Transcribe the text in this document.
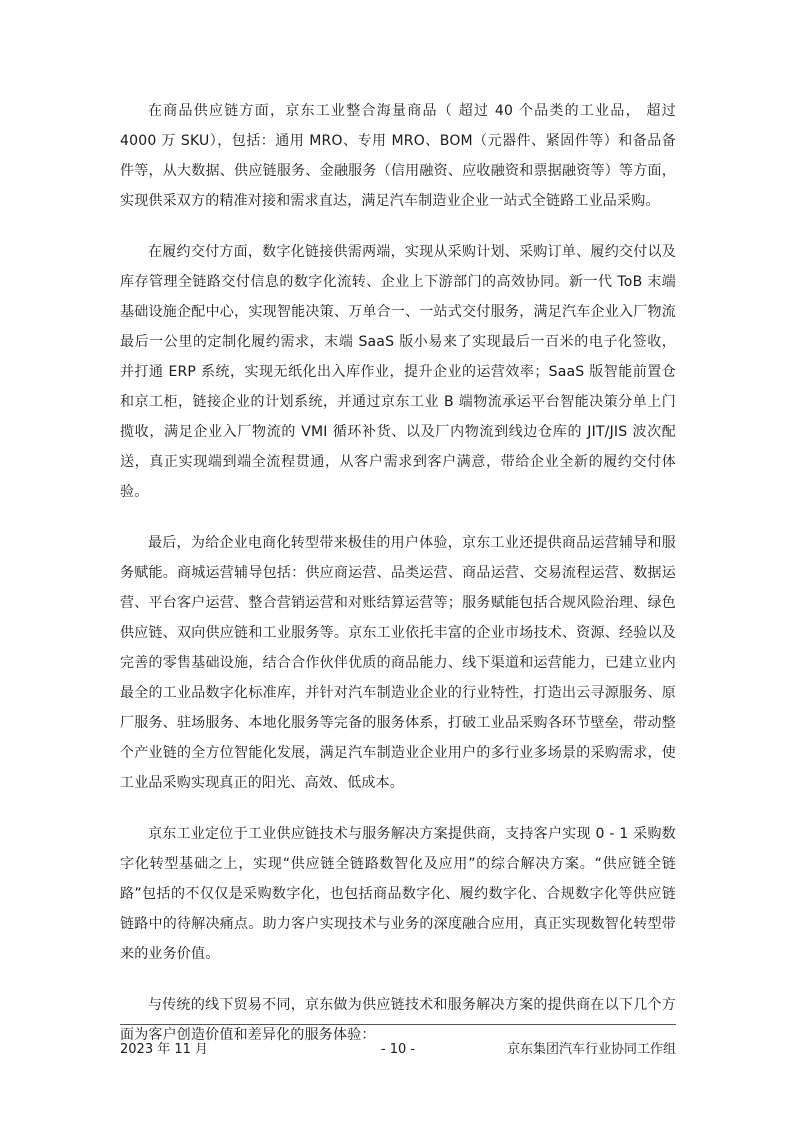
在商品供应链方面，京东工业整合海量商品（ 超过 40 个品类的工业品， 超过 4000 万 SKU），包括：通用 MRO、专用 MRO、BOM（元器件、紧固件等）和备品备件等，从大数据、供应链服务、金融服务（信用融资、应收融资和票据融资等）等方面，实现供采双方的精准对接和需求直达，满足汽车制造业企业一站式全链路工业品采购。

在履约交付方面，数字化链接供需两端，实现从采购计划、采购订单、履约交付以及库存管理全链路交付信息的数字化流转、企业上下游部门的高效协同。新一代 ToB 末端基础设施企配中心，实现智能决策、万单合一、一站式交付服务，满足汽车企业入厂物流最后一公里的定制化履约需求，末端 SaaS 版小易来了实现最后一百米的电子化签收，并打通 ERP 系统，实现无纸化出入库作业，提升企业的运营效率；SaaS 版智能前置仓和京工柜，链接企业的计划系统，并通过京东工业 B 端物流承运平台智能决策分单上门揽收，满足企业入厂物流的 VMI 循环补货、以及厂内物流到线边仓库的 JIT/JIS 波次配送，真正实现端到端全流程贯通，从客户需求到客户满意，带给企业全新的履约交付体验。

最后，为给企业电商化转型带来极佳的用户体验，京东工业还提供商品运营辅导和服务赋能。商城运营辅导包括：供应商运营、品类运营、商品运营、交易流程运营、数据运营、平台客户运营、整合营销运营和对账结算运营等；服务赋能包括合规风险治理、绿色供应链、双向供应链和工业服务等。京东工业依托丰富的企业市场技术、资源、经验以及完善的零售基础设施，结合合作伙伴优质的商品能力、线下渠道和运营能力，已建立业内最全的工业品数字化标准库，并针对汽车制造业企业的行业特性，打造出云寻源服务、原厂服务、驻场服务、本地化服务等完备的服务体系，打破工业品采购各环节壁垒，带动整个产业链的全方位智能化发展，满足汽车制造业企业用户的多行业多场景的采购需求，使工业品采购实现真正的阳光、高效、低成本。

京东工业定位于工业供应链技术与服务解决方案提供商，支持客户实现 0 - 1 采购数字化转型基础之上，实现“供应链全链路数智化及应用”的综合解决方案。“供应链全链路”包括的不仅仅是采购数字化，也包括商品数字化、履约数字化、合规数字化等供应链链路中的待解决痛点。助力客户实现技术与业务的深度融合应用，真正实现数智化转型带来的业务价值。

与传统的线下贸易不同，京东做为供应链技术和服务解决方案的提供商在以下几个方面为客户创造价值和差异化的服务体验：

2023 年 11 月	- 10 -	京东集团汽车行业协同工作组
